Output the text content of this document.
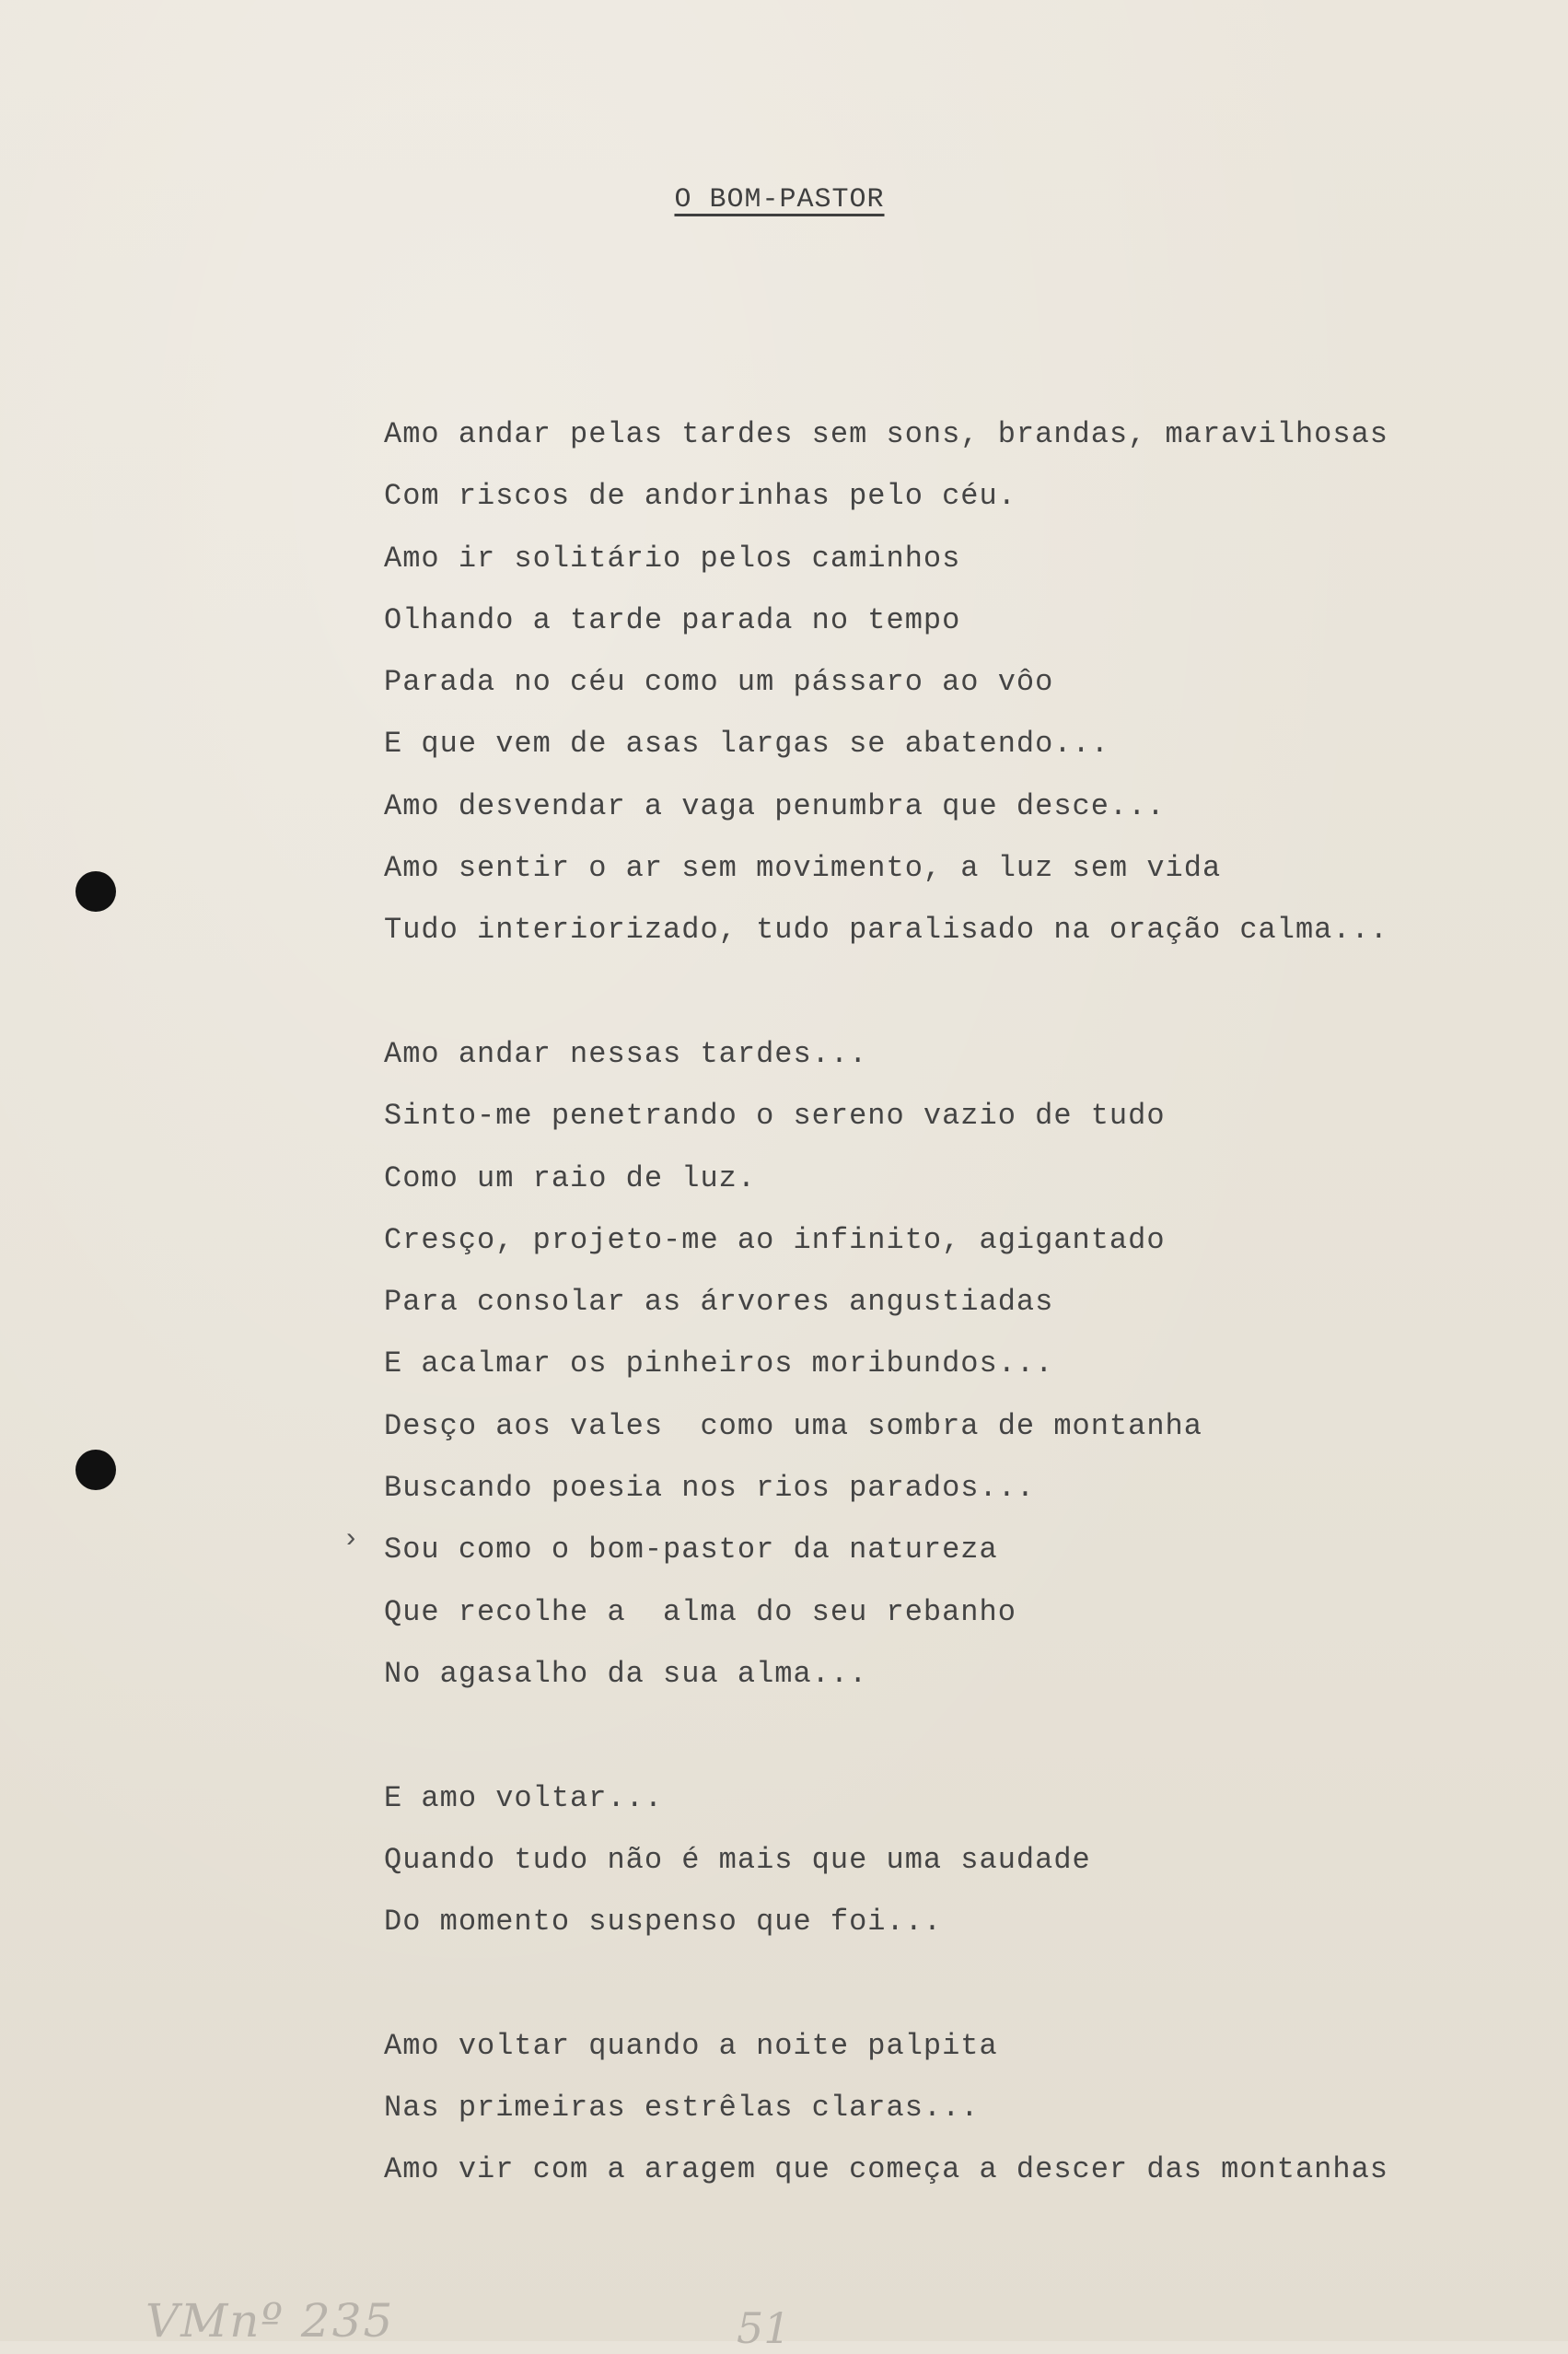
O BOM-PASTOR
›
Amo andar pelas tardes sem sons, brandas, maravilhosas
Com riscos de andorinhas pelo céu.
Amo ir solitário pelos caminhos
Olhando a tarde parada no tempo
Parada no céu como um pássaro ao vôo
E que vem de asas largas se abatendo...
Amo desvendar a vaga penumbra que desce...
Amo sentir o ar sem movimento, a luz sem vida
Tudo interiorizado, tudo paralisado na oração calma...
Amo andar nessas tardes...
Sinto-me penetrando o sereno vazio de tudo
Como um raio de luz.
Cresço, projeto-me ao infinito, agigantado
Para consolar as árvores angustiadas
E acalmar os pinheiros moribundos...
Desço aos vales  como uma sombra de montanha
Buscando poesia nos rios parados...
Sou como o bom-pastor da natureza
Que recolhe a  alma do seu rebanho
No agasalho da sua alma...
E amo voltar...
Quando tudo não é mais que uma saudade
Do momento suspenso que foi...
Amo voltar quando a noite palpita
Nas primeiras estrêlas claras...
Amo vir com a aragem que começa a descer das montanhas
VMnº 235	51
